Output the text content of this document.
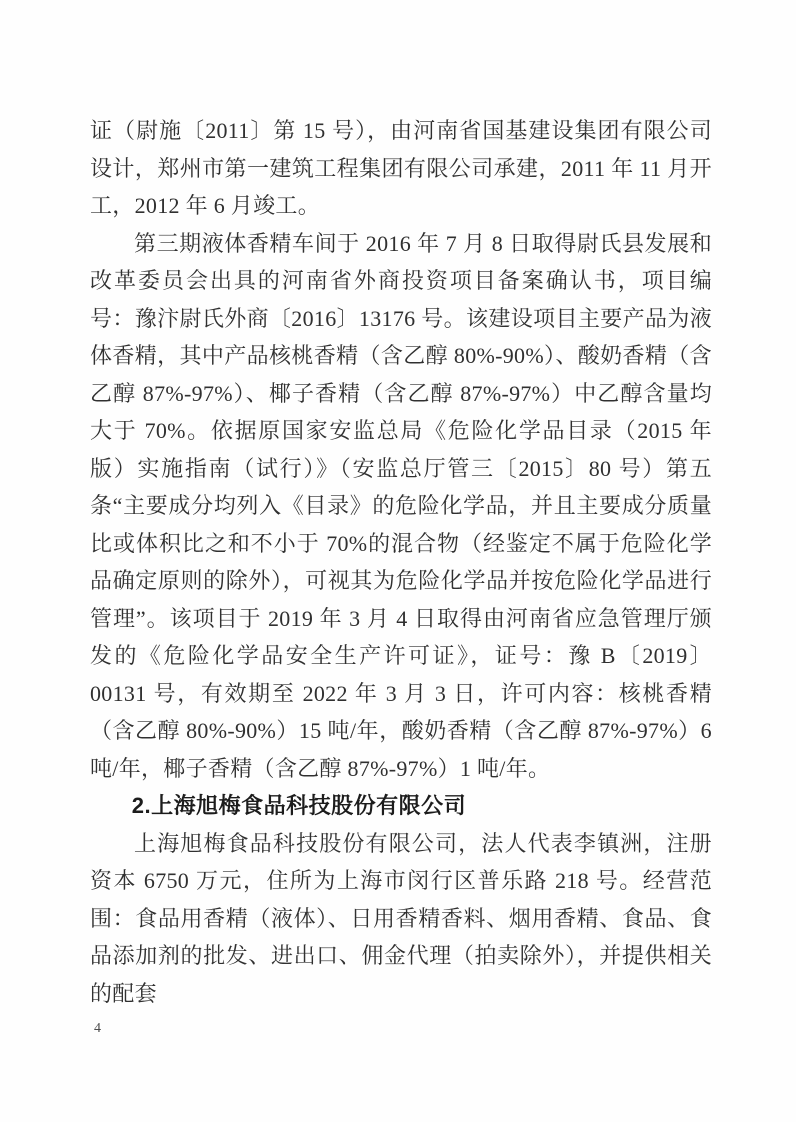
证（尉施〔2011〕第 15 号），由河南省国基建设集团有限公司设计，郑州市第一建筑工程集团有限公司承建，2011 年 11 月开工，2012 年 6 月竣工。

第三期液体香精车间于 2016 年 7 月 8 日取得尉氏县发展和改革委员会出具的河南省外商投资项目备案确认书，项目编号：豫汴尉氏外商〔2016〕13176 号。该建设项目主要产品为液体香精，其中产品核桃香精（含乙醇 80%-90%）、酸奶香精（含乙醇 87%-97%）、椰子香精（含乙醇 87%-97%）中乙醇含量均大于 70%。依据原国家安监总局《危险化学品目录（2015 年版）实施指南（试行）》（安监总厅管三〔2015〕80 号）第五条“主要成分均列入《目录》的危险化学品，并且主要成分质量比或体积比之和不小于 70%的混合物（经鉴定不属于危险化学品确定原则的除外），可视其为危险化学品并按危险化学品进行管理”。该项目于 2019 年 3 月 4 日取得由河南省应急管理厅颁发的《危险化学品安全生产许可证》，证号：豫 B〔2019〕00131 号，有效期至 2022 年 3 月 3 日，许可内容：核桃香精（含乙醇 80%-90%）15 吨/年，酸奶香精（含乙醇 87%-97%）6 吨/年，椰子香精（含乙醇 87%-97%）1 吨/年。

2.上海旭梅食品科技股份有限公司

上海旭梅食品科技股份有限公司，法人代表李镇洲，注册资本 6750 万元，住所为上海市闵行区普乐路 218 号。经营范围：食品用香精（液体）、日用香精香料、烟用香精、食品、食品添加剂的批发、进出口、佣金代理（拍卖除外），并提供相关的配套

4
